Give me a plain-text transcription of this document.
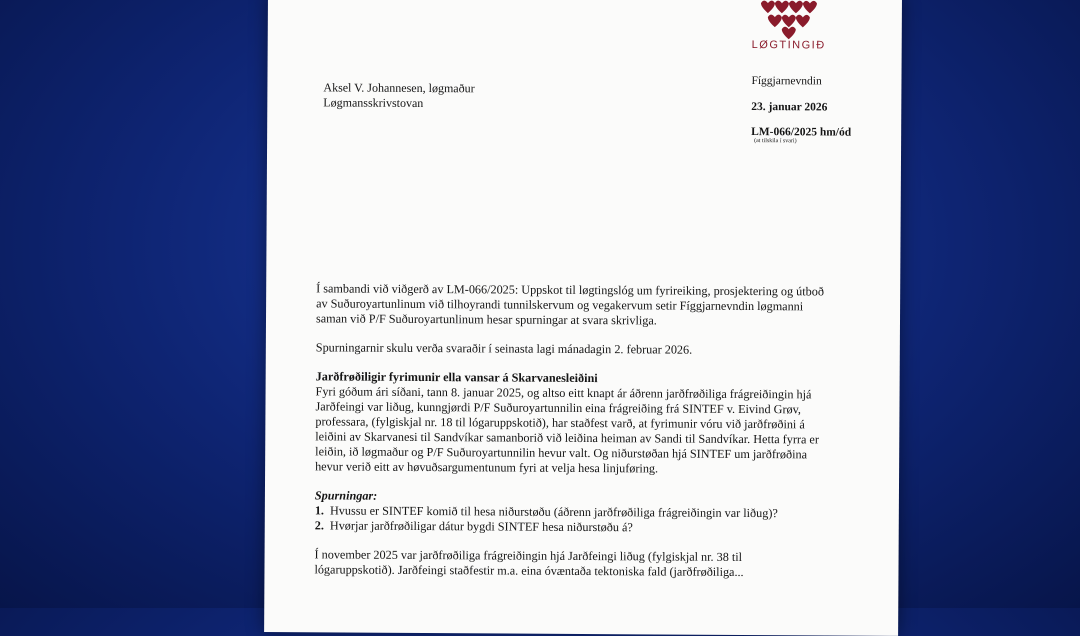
LØGTINGIÐ
Fíggjarnevndin
23. januar 2026
LM-066/2025 hm/ód
(at tilskila í svari)
Aksel V. Johannesen, løgmaður
Løgmansskrivstovan

Í sambandi við viðgerð av LM-066/2025: Uppskot til løgtingslóg um fyrireiking, prosjektering og útboð av Suðuroyartunlinum við tilhoyrandi tunnilskervum og vegakervum setir Fíggjarnevndin løgmanni saman við P/F Suðuroyartunlinum hesar spurningar at svara skrivliga.

Spurningarnir skulu verða svaraðir í seinasta lagi mánadagin 2. februar 2026.

Jarðfrøðiligir fyrimunir ella vansar á Skarvanesleiðini

Fyri góðum ári síðani, tann 8. januar 2025, og altso eitt knapt ár áðrenn jarðfrøðiliga frágreiðingin hjá Jarðfeingi var liðug, kunngjørdi P/F Suðuroyartunnilin eina frágreiðing frá SINTEF v. Eivind Grøv, professara, (fylgiskjal nr. 18 til lógaruppskotið), har staðfest varð, at fyrimunir vóru við jarðfrøðini á leiðini av Skarvanesi til Sandvíkar samanborið við leiðina heiman av Sandi til Sandvíkar. Hetta fyrra er leiðin, ið løgmaður og P/F Suðuroyartunnilin hevur valt. Og niðurstøðan hjá SINTEF um jarðfrøðina hevur verið eitt av høvuðsargumentunum fyri at velja hesa linjuføring.

Spurningar:
1. Hvussu er SINTEF komið til hesa niðurstøðu (áðrenn jarðfrøðiliga frágreiðingin var liðug)?
2. Hvørjar jarðfrøðiligar dátur bygdi SINTEF hesa niðurstøðu á?

Í november 2025 var jarðfrøðiliga frágreiðingin hjá Jarðfeingi liðug (fylgiskjal nr. 38 til lógaruppskotið). Jarðfeingi staðfestir m.a. eina óvæntaða tektoniska fald (jarðfrøðiliga...
